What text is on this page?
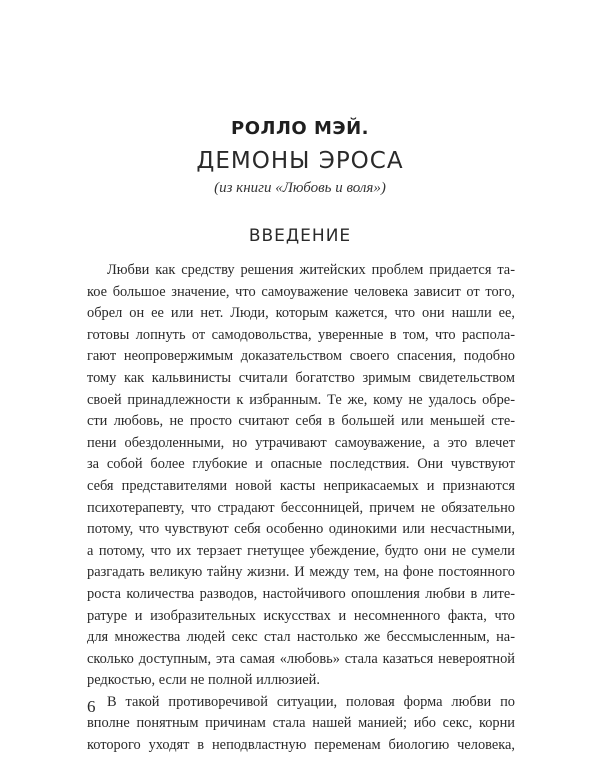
РОЛЛО МЭЙ.
ДЕМОНЫ ЭРОСА
(из книги «Любовь и воля»)
ВВЕДЕНИЕ
Любви как средству решения житейских проблем придается та-
кое большое значение, что самоуважение человека зависит от того,
обрел он ее или нет. Люди, которым кажется, что они нашли ее,
готовы лопнуть от самодовольства, уверенные в том, что распола-
гают неопровержимым доказательством своего спасения, подобно
тому как кальвинисты считали богатство зримым свидетельством
своей принадлежности к избранным. Те же, кому не удалось обре-
сти любовь, не просто считают себя в большей или меньшей сте-
пени обездоленными, но утрачивают самоуважение, а это влечет
за собой более глубокие и опасные последствия. Они чувствуют
себя представителями новой касты неприкасаемых и признаются
психотерапевту, что страдают бессонницей, причем не обязательно
потому, что чувствуют себя особенно одинокими или несчастными,
а потому, что их терзает гнетущее убеждение, будто они не сумели
разгадать великую тайну жизни. И между тем, на фоне постоянного
роста количества разводов, настойчивого опошления любви в лите-
ратуре и изобразительных искусствах и несомненного факта, что
для множества людей секс стал настолько же бессмысленным, на-
сколько доступным, эта самая «любовь» стала казаться невероятной
редкостью, если не полной иллюзией.
В такой противоречивой ситуации, половая форма любви по
вполне понятным причинам стала нашей манией; ибо секс, корни
которого уходят в неподвластную переменам биологию человека,
6
